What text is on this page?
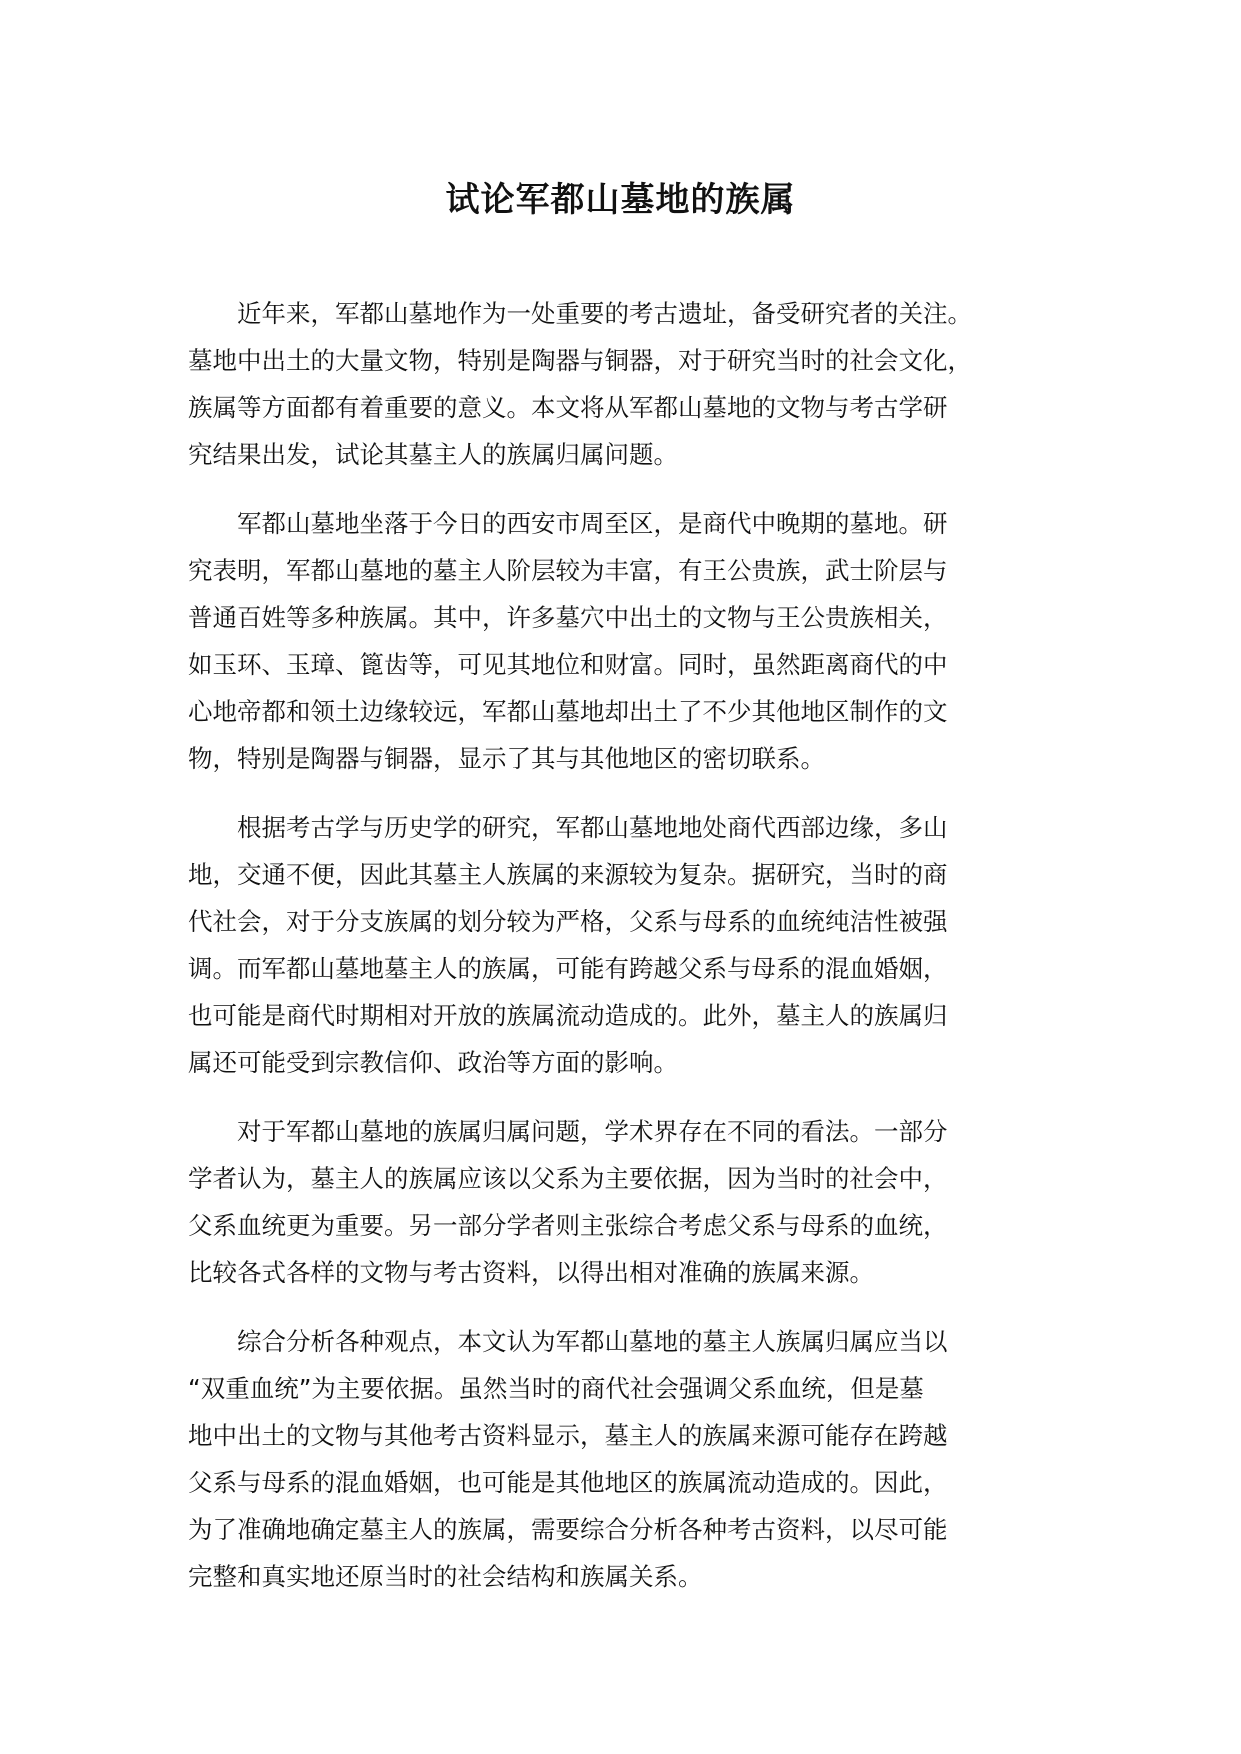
试论军都山墓地的族属

近年来，军都山墓地作为一处重要的考古遗址，备受研究者的关注。
墓地中出土的大量文物，特别是陶器与铜器，对于研究当时的社会文化，
族属等方面都有着重要的意义。本文将从军都山墓地的文物与考古学研
究结果出发，试论其墓主人的族属归属问题。

军都山墓地坐落于今日的西安市周至区，是商代中晚期的墓地。研
究表明，军都山墓地的墓主人阶层较为丰富，有王公贵族，武士阶层与
普通百姓等多种族属。其中，许多墓穴中出土的文物与王公贵族相关，
如玉环、玉璋、篦齿等，可见其地位和财富。同时，虽然距离商代的中
心地帝都和领土边缘较远，军都山墓地却出土了不少其他地区制作的文
物，特别是陶器与铜器，显示了其与其他地区的密切联系。

根据考古学与历史学的研究，军都山墓地地处商代西部边缘，多山
地，交通不便，因此其墓主人族属的来源较为复杂。据研究，当时的商
代社会，对于分支族属的划分较为严格，父系与母系的血统纯洁性被强
调。而军都山墓地墓主人的族属，可能有跨越父系与母系的混血婚姻，
也可能是商代时期相对开放的族属流动造成的。此外，墓主人的族属归
属还可能受到宗教信仰、政治等方面的影响。

对于军都山墓地的族属归属问题，学术界存在不同的看法。一部分
学者认为，墓主人的族属应该以父系为主要依据，因为当时的社会中，
父系血统更为重要。另一部分学者则主张综合考虑父系与母系的血统，
比较各式各样的文物与考古资料，以得出相对准确的族属来源。

综合分析各种观点，本文认为军都山墓地的墓主人族属归属应当以
“双重血统”为主要依据。虽然当时的商代社会强调父系血统，但是墓
地中出土的文物与其他考古资料显示，墓主人的族属来源可能存在跨越
父系与母系的混血婚姻，也可能是其他地区的族属流动造成的。因此，
为了准确地确定墓主人的族属，需要综合分析各种考古资料，以尽可能
完整和真实地还原当时的社会结构和族属关系。
